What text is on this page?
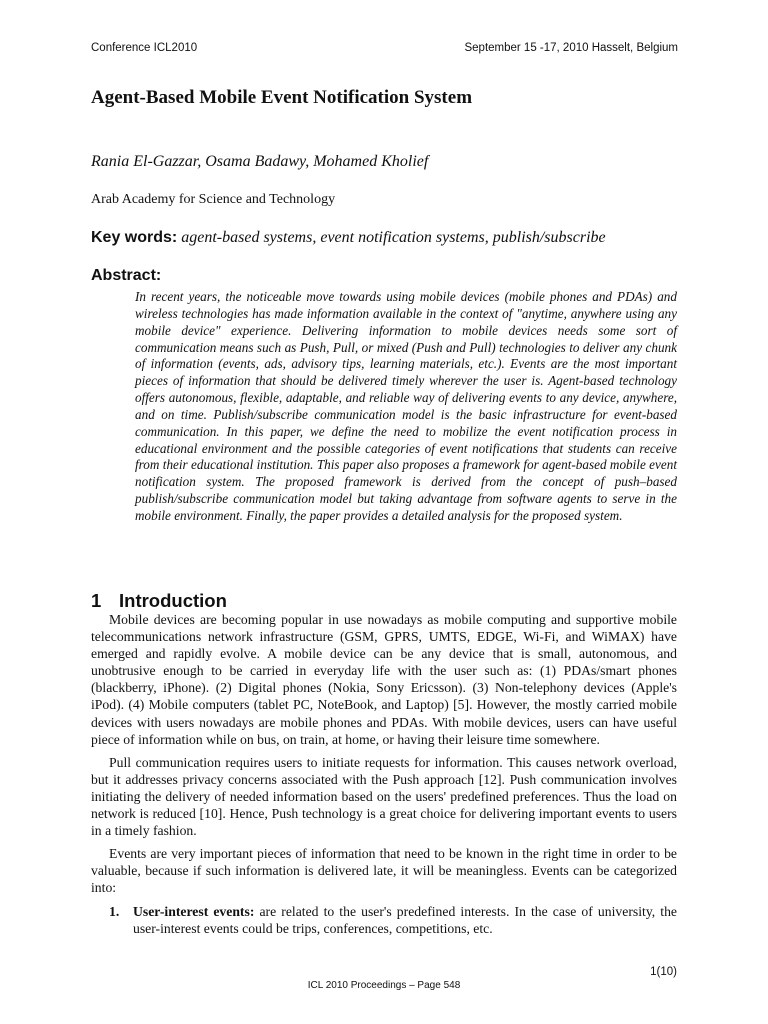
Conference ICL2010	September 15 -17, 2010 Hasselt, Belgium
Agent-Based Mobile Event Notification System
Rania El-Gazzar, Osama Badawy, Mohamed Kholief
Arab Academy for Science and Technology
Key words: agent-based systems, event notification systems, publish/subscribe
Abstract:

In recent years, the noticeable move towards using mobile devices (mobile phones and PDAs) and wireless technologies has made information available in the context of "anytime, anywhere using any mobile device" experience. Delivering information to mobile devices needs some sort of communication means such as Push, Pull, or mixed (Push and Pull) technologies to deliver any chunk of information (events, ads, advisory tips, learning materials, etc.). Events are the most important pieces of information that should be delivered timely wherever the user is. Agent-based technology offers autonomous, flexible, adaptable, and reliable way of delivering events to any device, anywhere, and on time. Publish/subscribe communication model is the basic infrastructure for event-based communication. In this paper, we define the need to mobilize the event notification process in educational environment and the possible categories of event notifications that students can receive from their educational institution. This paper also proposes a framework for agent-based mobile event notification system. The proposed framework is derived from the concept of push–based publish/subscribe communication model but taking advantage from software agents to serve in the mobile environment. Finally, the paper provides a detailed analysis for the proposed system.

1 Introduction

Mobile devices are becoming popular in use nowadays as mobile computing and supportive mobile telecommunications network infrastructure (GSM, GPRS, UMTS, EDGE, Wi-Fi, and WiMAX) have emerged and rapidly evolve. A mobile device can be any device that is small, autonomous, and unobtrusive enough to be carried in everyday life with the user such as: (1) PDAs/smart phones (blackberry, iPhone). (2) Digital phones (Nokia, Sony Ericsson). (3) Non-telephony devices (Apple's iPod). (4) Mobile computers (tablet PC, NoteBook, and Laptop) [5]. However, the mostly carried mobile devices with users nowadays are mobile phones and PDAs. With mobile devices, users can have useful piece of information while on bus, on train, at home, or having their leisure time somewhere.

Pull communication requires users to initiate requests for information. This causes network overload, but it addresses privacy concerns associated with the Push approach [12]. Push communication involves initiating the delivery of needed information based on the users' predefined preferences. Thus the load on network is reduced [10]. Hence, Push technology is a great choice for delivering important events to users in a timely fashion.

Events are very important pieces of information that need to be known in the right time in order to be valuable, because if such information is delivered late, it will be meaningless. Events can be categorized into:

1. User-interest events: are related to the user's predefined interests. In the case of university, the user-interest events could be trips, conferences, competitions, etc.
1(10)
ICL 2010 Proceedings – Page 548
